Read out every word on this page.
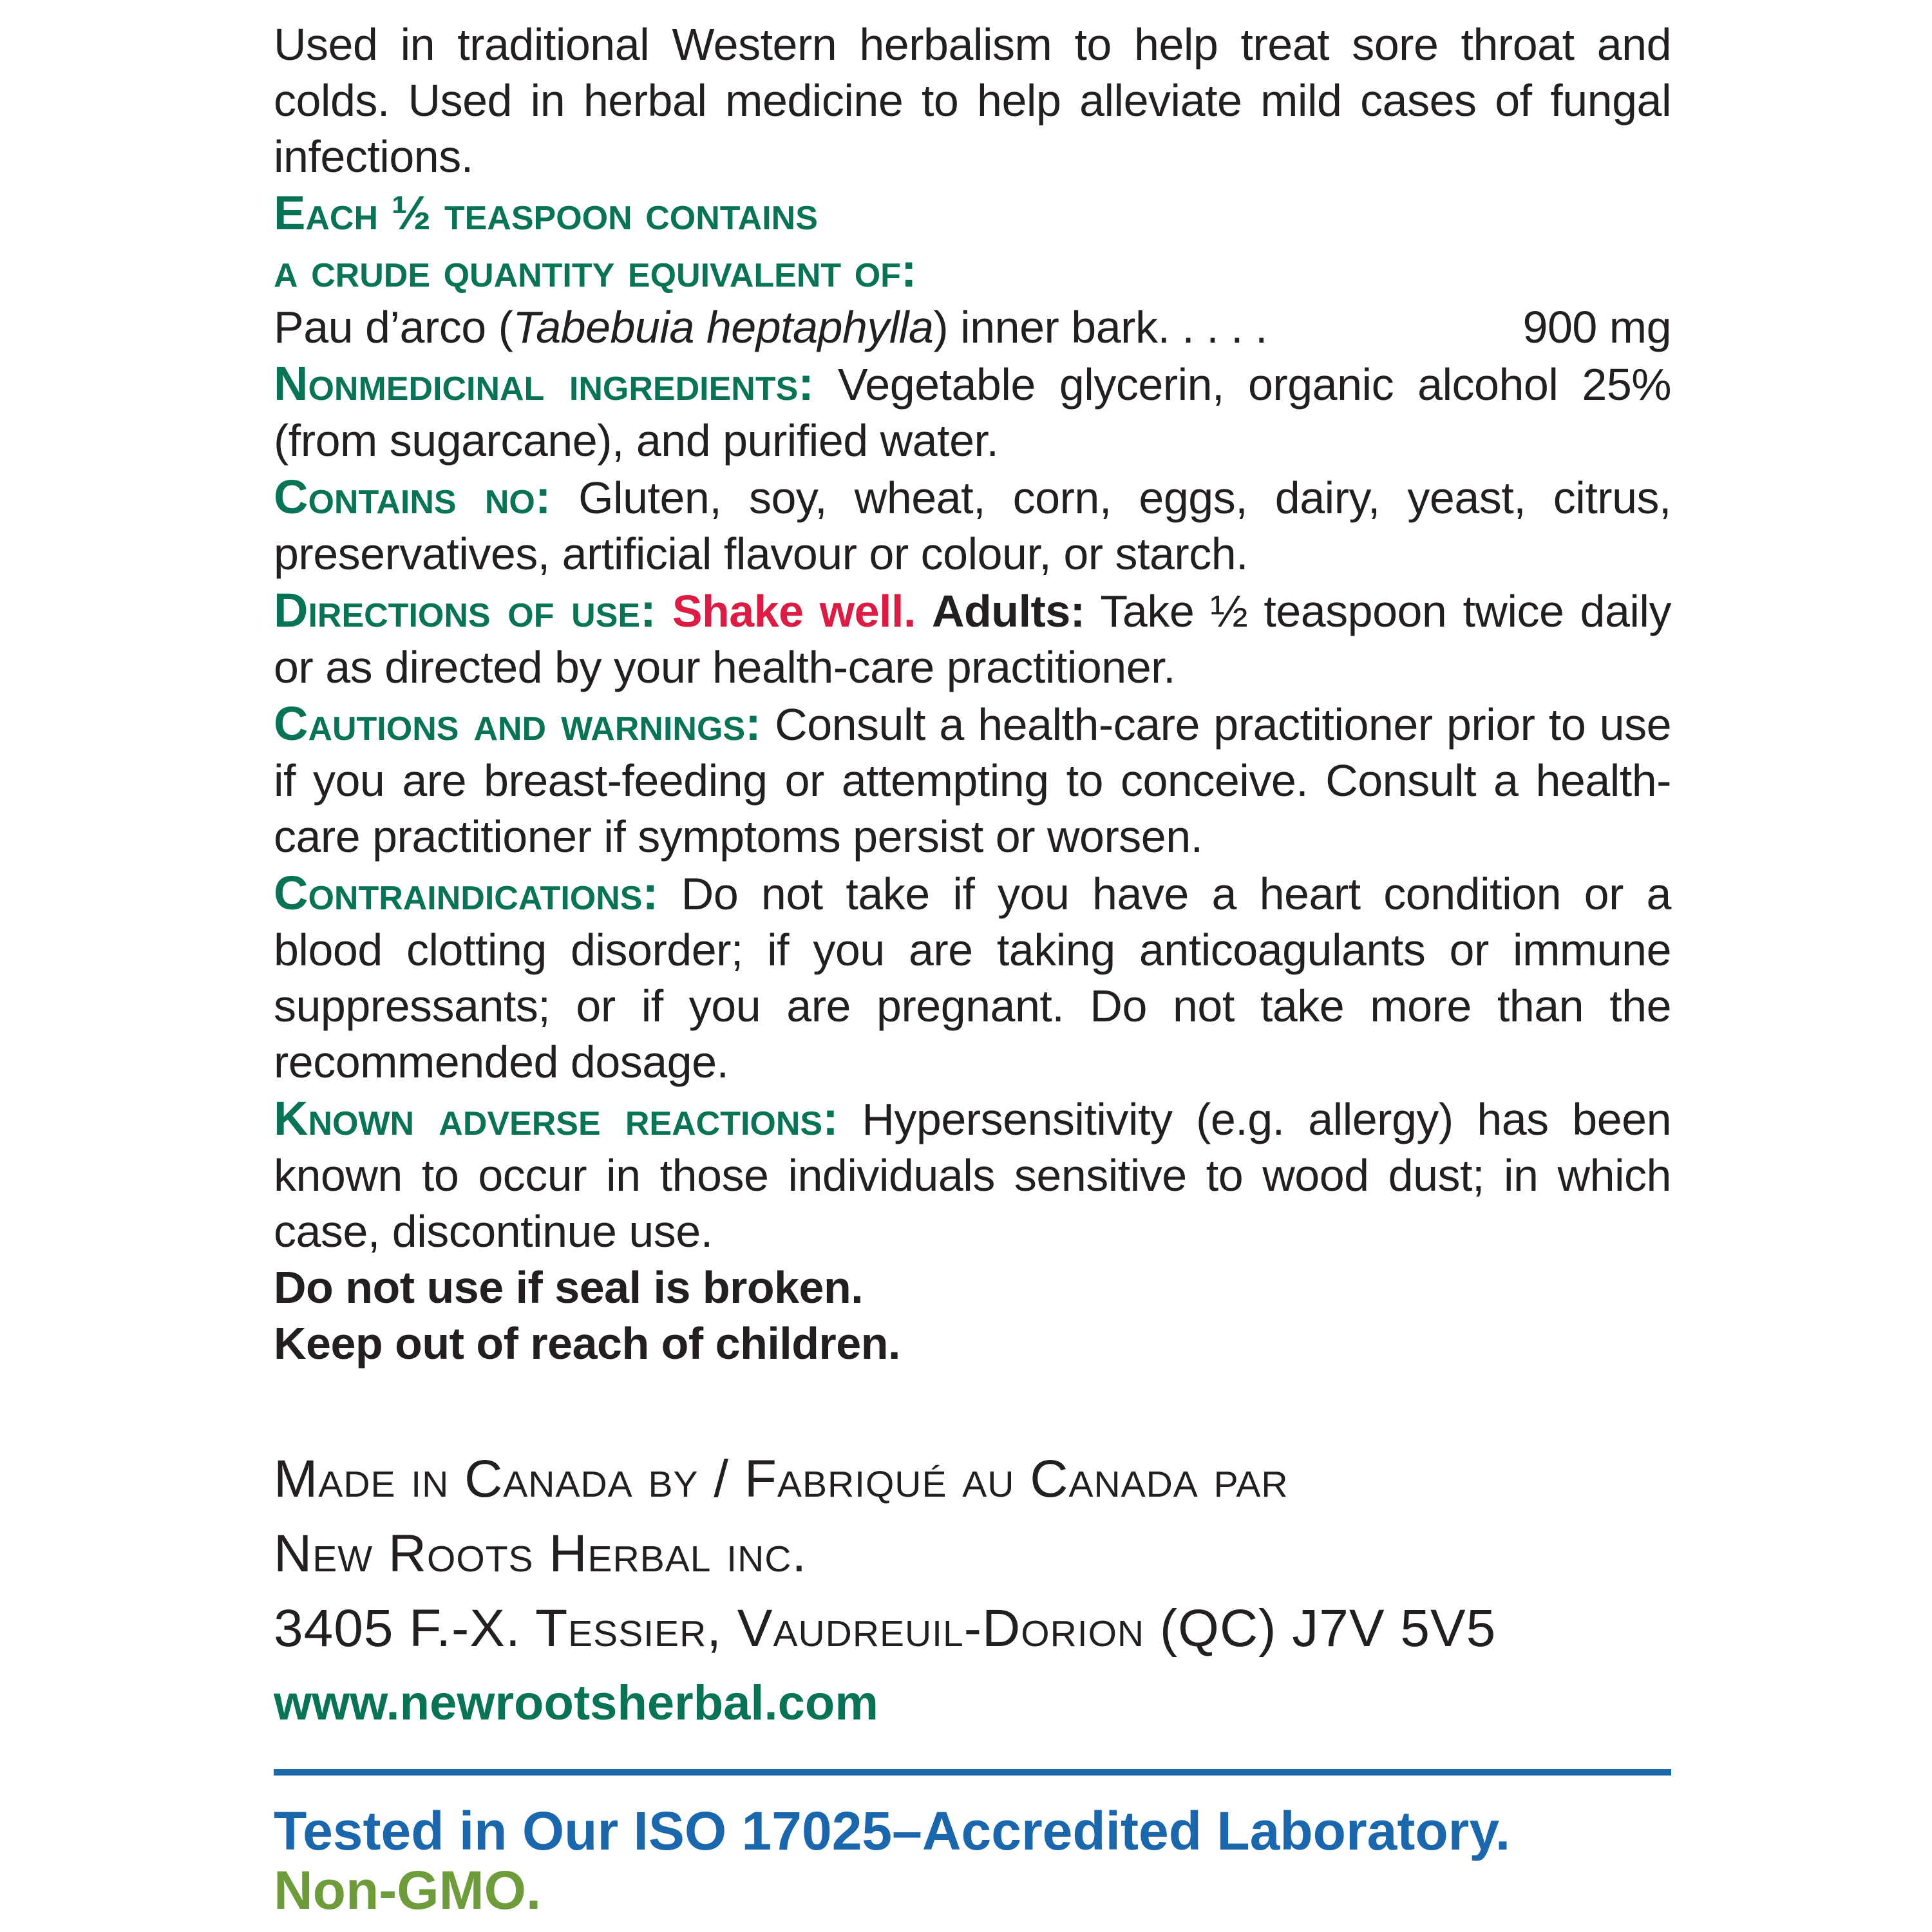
Used in traditional Western herbalism to help treat sore throat and colds. Used in herbal medicine to help alleviate mild cases of fungal infections.

Each ½ teaspoon contains

a crude quantity equivalent of:

Pau d’arco (Tabebuia heptaphylla) inner bark. . . . .	900 mg

Nonmedicinal ingredients: Vegetable glycerin, organic alcohol 25% (from sugarcane), and purified water.

Contains no: Gluten, soy, wheat, corn, eggs, dairy, yeast, citrus, preservatives, artificial flavour or colour, or starch.

Directions of use: Shake well. Adults: Take ½ teaspoon twice daily or as directed by your health-care practitioner.

Cautions and warnings: Consult a health-care practitioner prior to use if you are breast-feeding or attempting to conceive. Consult a health-care practitioner if symptoms persist or worsen.

Contraindications: Do not take if you have a heart condition or a blood clotting disorder; if you are taking anticoagulants or immune suppressants; or if you are pregnant. Do not take more than the recommended dosage.

Known adverse reactions: Hypersensitivity (e.g. allergy) has been known to occur in those individuals sensitive to wood dust; in which case, discontinue use.

Do not use if seal is broken.

Keep out of reach of children.

Made in Canada by / Fabriqué au Canada par

New Roots Herbal inc.

3405 F.-X. Tessier, Vaudreuil-Dorion (QC) J7V 5V5

www.newrootsherbal.com

Tested in Our ISO 17025–Accredited Laboratory.

Non-GMO.
